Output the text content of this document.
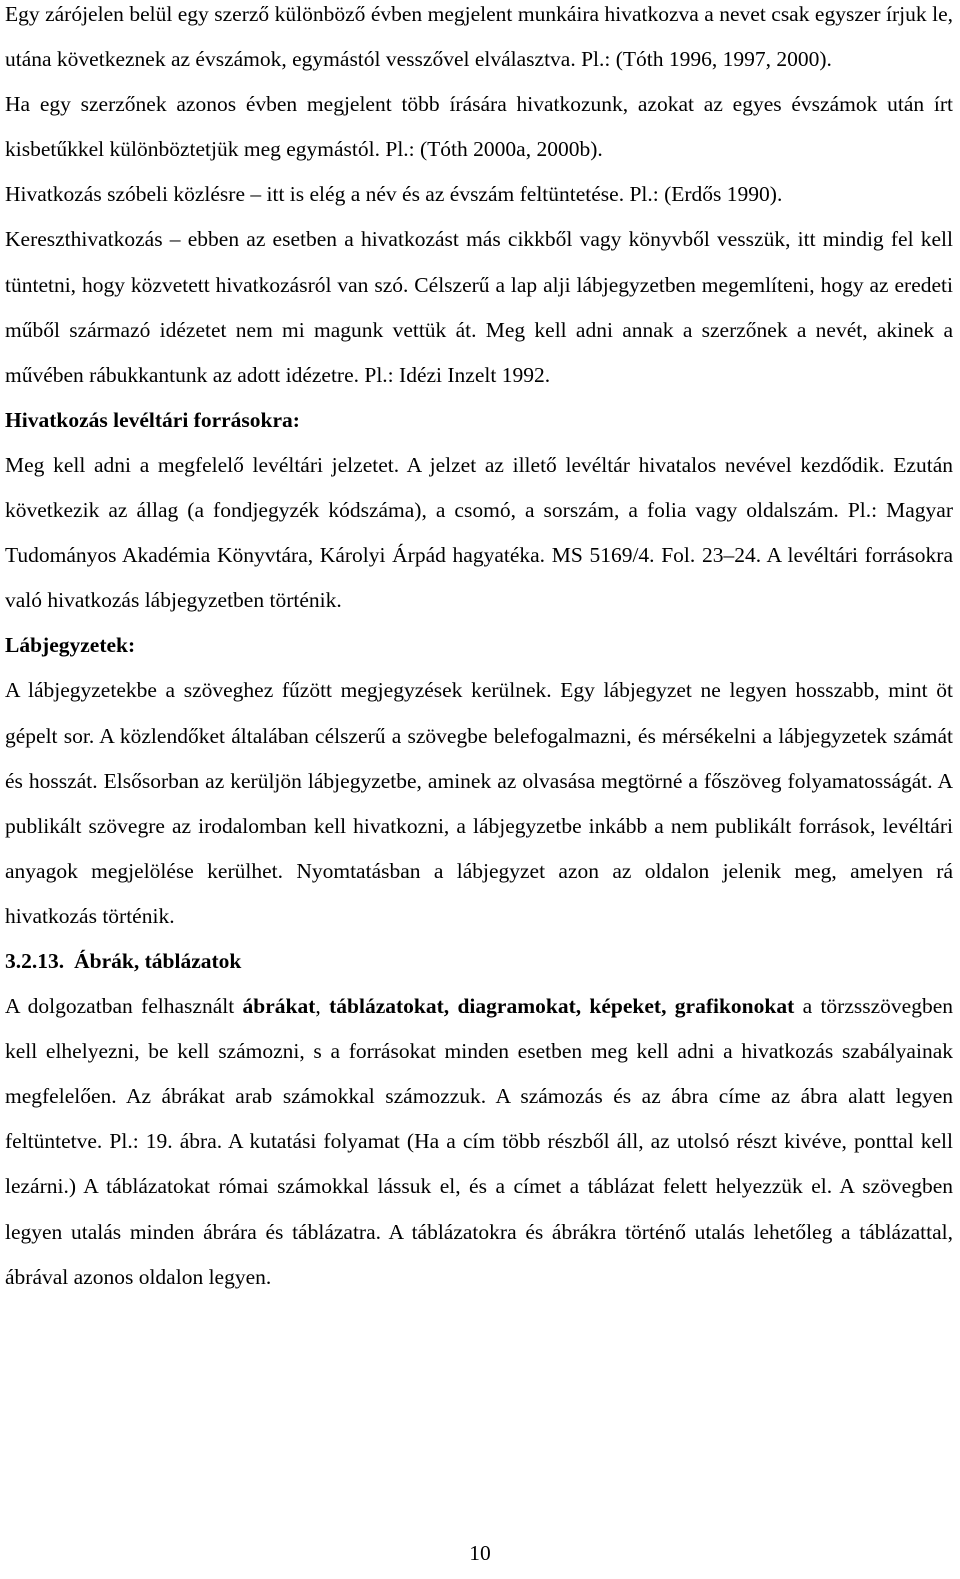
Egy zárójelen belül egy szerző különböző évben megjelent munkáira hivatkozva a nevet csak egyszer írjuk le, utána következnek az évszámok, egymástól vesszővel elválasztva. Pl.: (Tóth 1996, 1997, 2000).

Ha egy szerzőnek azonos évben megjelent több írására hivatkozunk, azokat az egyes évszámok után írt kisbetűkkel különböztetjük meg egymástól. Pl.: (Tóth 2000a, 2000b).

Hivatkozás szóbeli közlésre – itt is elég a név és az évszám feltüntetése. Pl.: (Erdős 1990).

Kereszthivatkozás – ebben az esetben a hivatkozást más cikkből vagy könyvből vesszük, itt mindig fel kell tüntetni, hogy közvetett hivatkozásról van szó. Célszerű a lap alji lábjegyzetben megemlíteni, hogy az eredeti műből származó idézetet nem mi magunk vettük át. Meg kell adni annak a szerzőnek a nevét, akinek a művében rábukkantunk az adott idézetre. Pl.: Idézi Inzelt 1992.

Hivatkozás levéltári forrásokra:

Meg kell adni a megfelelő levéltári jelzetet. A jelzet az illető levéltár hivatalos nevével kezdődik. Ezután következik az állag (a fondjegyzék kódszáma), a csomó, a sorszám, a folia vagy oldalszám. Pl.: Magyar Tudományos Akadémia Könyvtára, Károlyi Árpád hagyatéka. MS 5169/4. Fol. 23–24. A levéltári forrásokra való hivatkozás lábjegyzetben történik.

Lábjegyzetek:

A lábjegyzetekbe a szöveghez fűzött megjegyzések kerülnek. Egy lábjegyzet ne legyen hosszabb, mint öt gépelt sor. A közlendőket általában célszerű a szövegbe belefogalmazni, és mérsékelni a lábjegyzetek számát és hosszát. Elsősorban az kerüljön lábjegyzetbe, aminek az olvasása megtörné a főszöveg folyamatosságát. A publikált szövegre az irodalomban kell hivatkozni, a lábjegyzetbe inkább a nem publikált források, levéltári anyagok megjelölése kerülhet. Nyomtatásban a lábjegyzet azon az oldalon jelenik meg, amelyen rá hivatkozás történik.

3.2.13. Ábrák, táblázatok

A dolgozatban felhasznált ábrákat, táblázatokat, diagramokat, képeket, grafikonokat a törzsszövegben kell elhelyezni, be kell számozni, s a forrásokat minden esetben meg kell adni a hivatkozás szabályainak megfelelően. Az ábrákat arab számokkal számozzuk. A számozás és az ábra címe az ábra alatt legyen feltüntetve. Pl.: 19. ábra. A kutatási folyamat (Ha a cím több részből áll, az utolsó részt kivéve, ponttal kell lezárni.) A táblázatokat római számokkal lássuk el, és a címet a táblázat felett helyezzük el. A szövegben legyen utalás minden ábrára és táblázatra. A táblázatokra és ábrákra történő utalás lehetőleg a táblázattal, ábrával azonos oldalon legyen.

10
